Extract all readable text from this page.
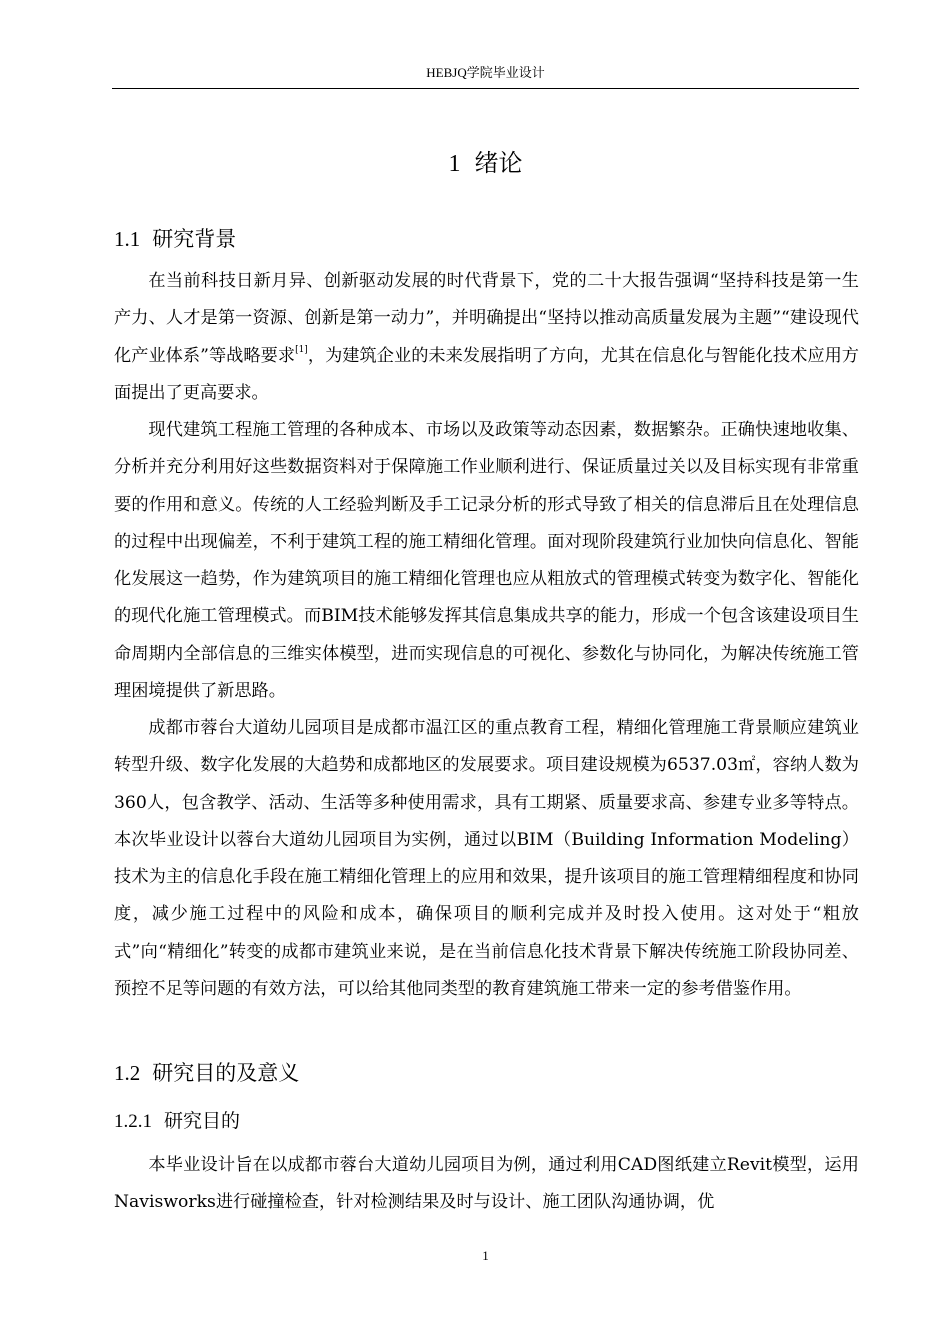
HEBJQ学院毕业设计
1 绪论
1.1 研究背景

在当前科技日新月异、创新驱动发展的时代背景下，党的二十大报告强调“坚持科技是第一生产力、人才是第一资源、创新是第一动力”，并明确提出“坚持以推动高质量发展为主题”“建设现代化产业体系”等战略要求[1]，为建筑企业的未来发展指明了方向，尤其在信息化与智能化技术应用方面提出了更高要求。

现代建筑工程施工管理的各种成本、市场以及政策等动态因素，数据繁杂。正确快速地收集、分析并充分利用好这些数据资料对于保障施工作业顺利进行、保证质量过关以及目标实现有非常重要的作用和意义。传统的人工经验判断及手工记录分析的形式导致了相关的信息滞后且在处理信息的过程中出现偏差，不利于建筑工程的施工精细化管理。面对现阶段建筑行业加快向信息化、智能化发展这一趋势，作为建筑项目的施工精细化管理也应从粗放式的管理模式转变为数字化、智能化的现代化施工管理模式。而BIM技术能够发挥其信息集成共享的能力，形成一个包含该建设项目生命周期内全部信息的三维实体模型，进而实现信息的可视化、参数化与协同化，为解决传统施工管理困境提供了新思路。

成都市蓉台大道幼儿园项目是成都市温江区的重点教育工程，精细化管理施工背景顺应建筑业转型升级、数字化发展的大趋势和成都地区的发展要求。项目建设规模为6537.03㎡，容纳人数为360人，包含教学、活动、生活等多种使用需求，具有工期紧、质量要求高、参建专业多等特点。本次毕业设计以蓉台大道幼儿园项目为实例，通过以BIM（Building Information Modeling）技术为主的信息化手段在施工精细化管理上的应用和效果，提升该项目的施工管理精细程度和协同度，减少施工过程中的风险和成本，确保项目的顺利完成并及时投入使用。这对处于“粗放式”向“精细化”转变的成都市建筑业来说，是在当前信息化技术背景下解决传统施工阶段协同差、预控不足等问题的有效方法，可以给其他同类型的教育建筑施工带来一定的参考借鉴作用。

1.2 研究目的及意义
1.2.1 研究目的

本毕业设计旨在以成都市蓉台大道幼儿园项目为例，通过利用CAD图纸建立Revit模型，运用Navisworks进行碰撞检查，针对检测结果及时与设计、施工团队沟通协调，优

1
